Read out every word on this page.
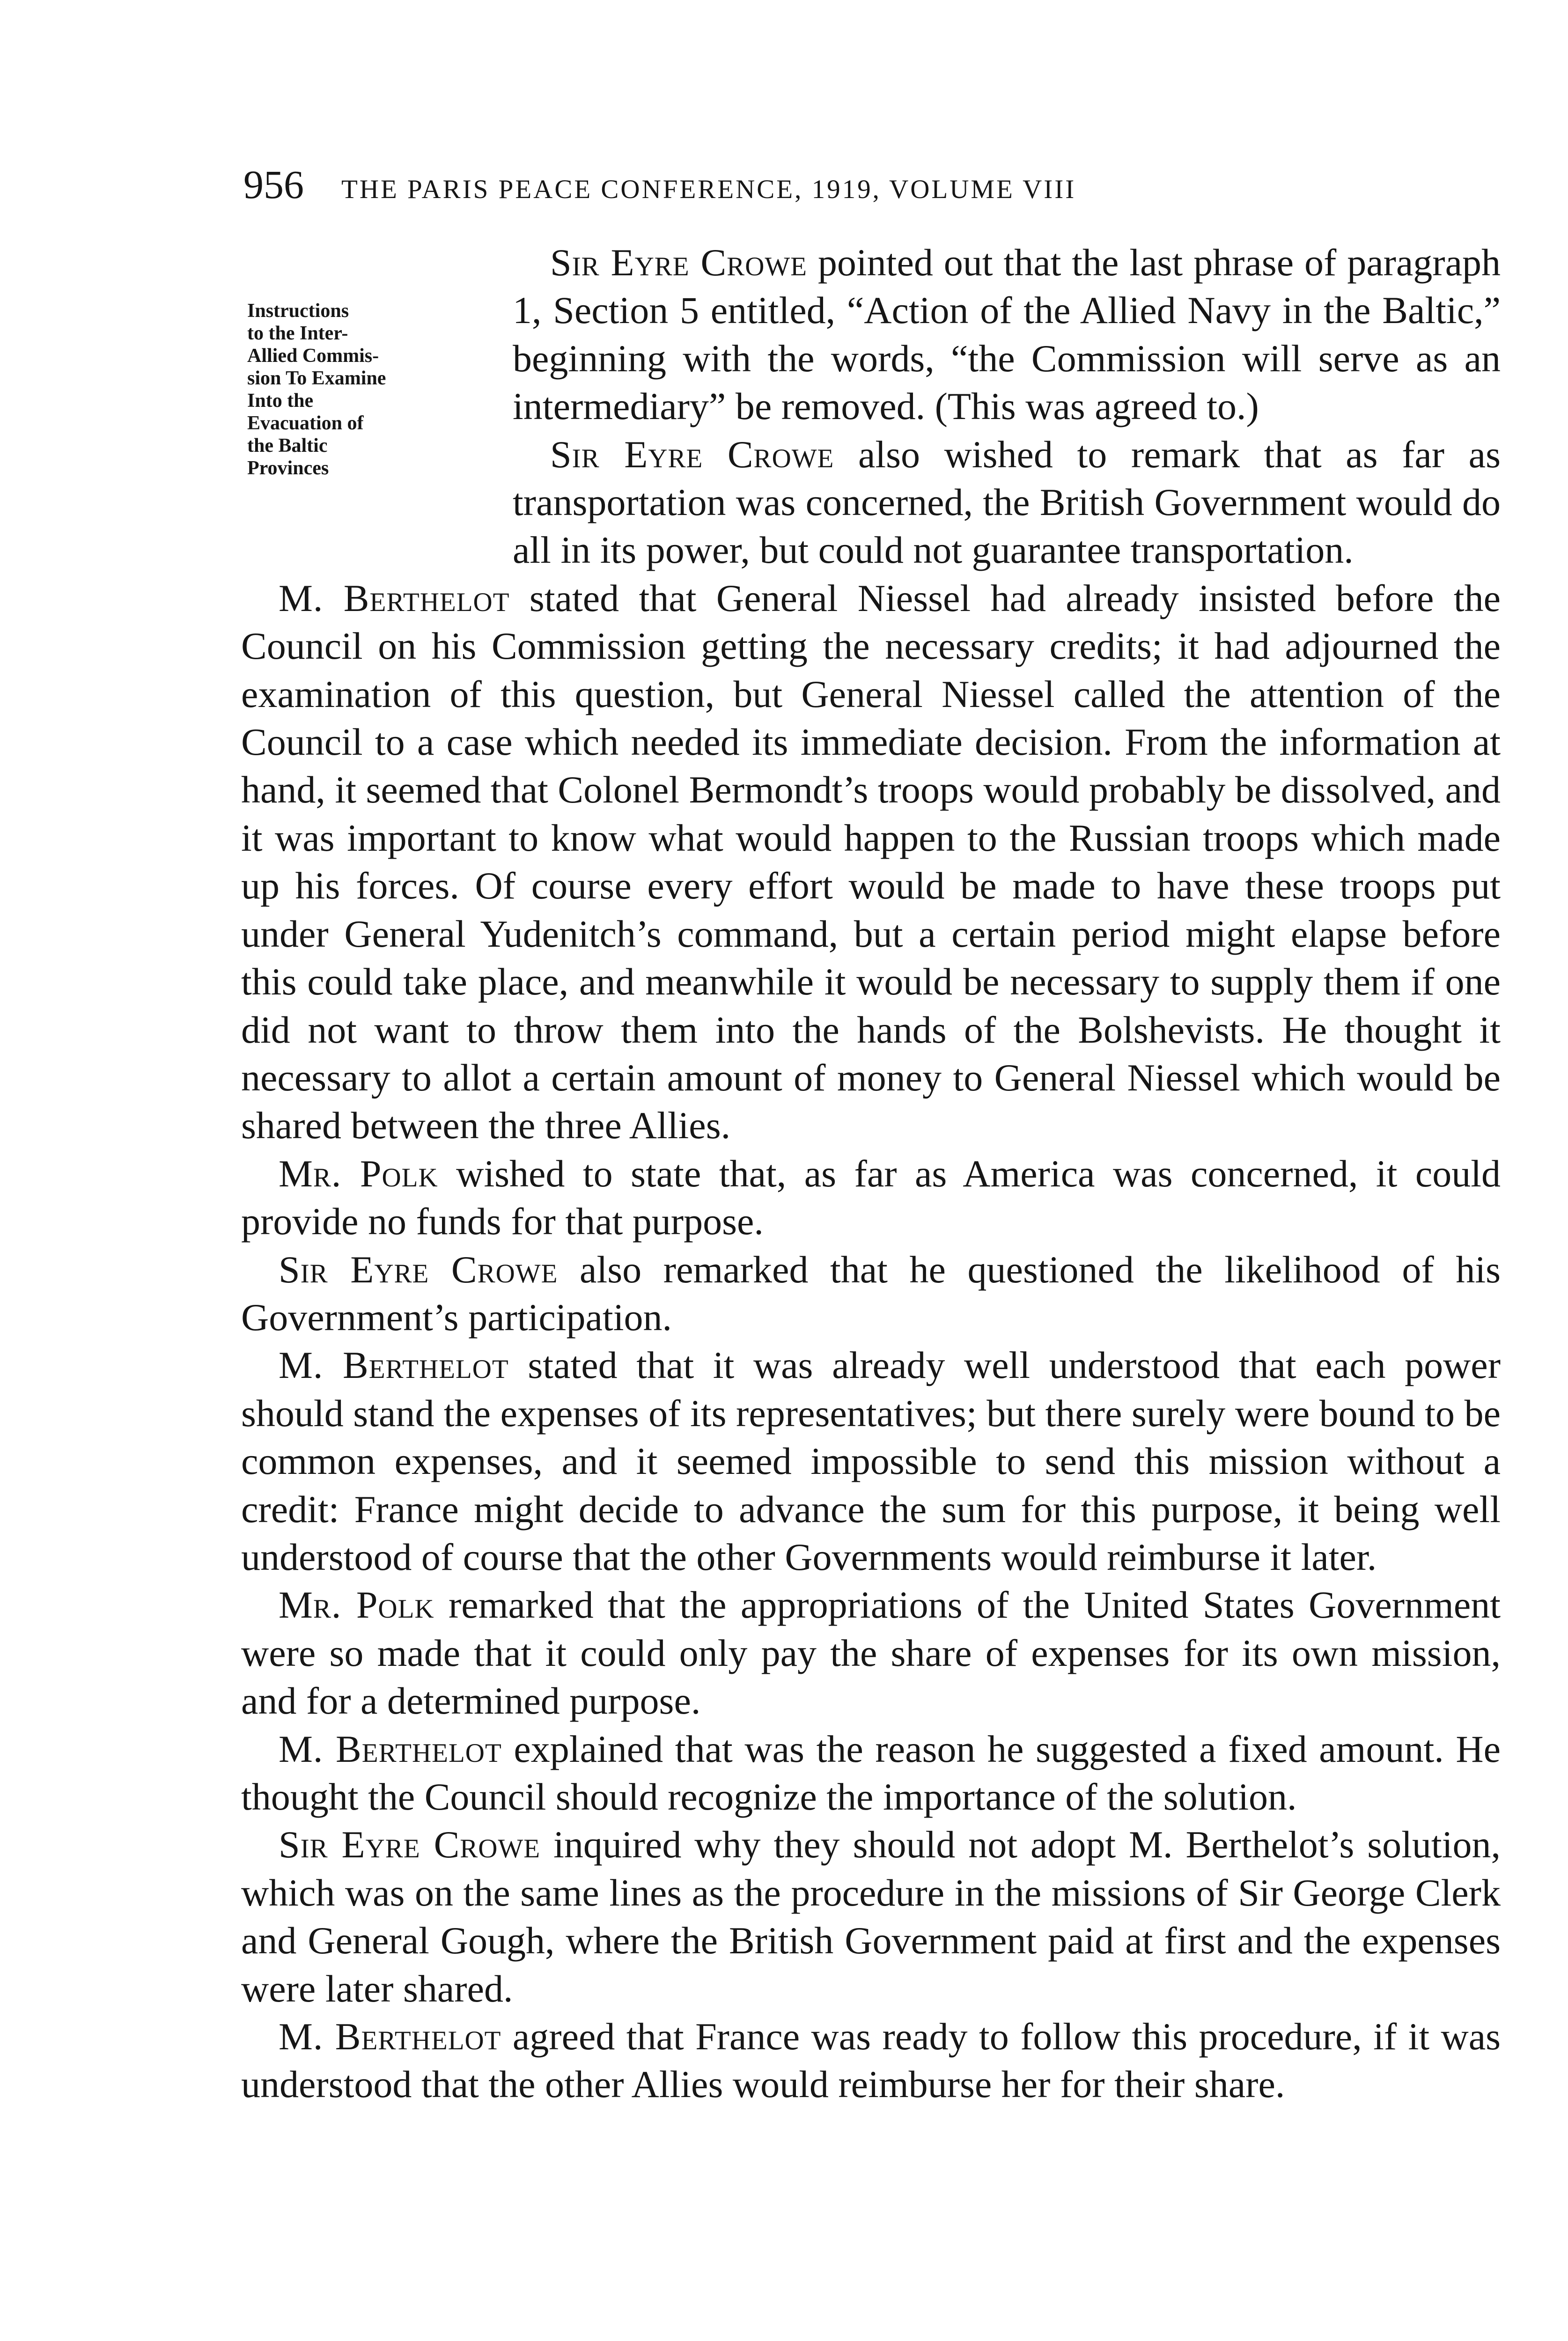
956 THE PARIS PEACE CONFERENCE, 1919, VOLUME VIII
Instructions
to the Inter-
Allied Commis-
sion To Examine
Into the
Evacuation of
the Baltic
Provinces

Sir Eyre Crowe pointed out that the last phrase of paragraph 1, Section 5 entitled, “Action of the Allied Navy in the Baltic,” beginning with the words, “the Commission will serve as an intermediary” be removed. (This was agreed to.)

Sir Eyre Crowe also wished to remark that as far as transportation was concerned, the British Government would do all in its power, but could not guarantee transportation.

M. Berthelot stated that General Niessel had already insisted before the Council on his Commission getting the necessary credits; it had adjourned the examination of this question, but General Niessel called the attention of the Council to a case which needed its immediate decision. From the information at hand, it seemed that Colonel Bermondt’s troops would probably be dissolved, and it was important to know what would happen to the Russian troops which made up his forces. Of course every effort would be made to have these troops put under General Yudenitch’s command, but a certain period might elapse before this could take place, and meanwhile it would be necessary to supply them if one did not want to throw them into the hands of the Bolshevists. He thought it necessary to allot a certain amount of money to General Niessel which would be shared between the three Allies.

Mr. Polk wished to state that, as far as America was concerned, it could provide no funds for that purpose.

Sir Eyre Crowe also remarked that he questioned the likelihood of his Government’s participation.

M. Berthelot stated that it was already well understood that each power should stand the expenses of its representatives; but there surely were bound to be common expenses, and it seemed impossible to send this mission without a credit: France might decide to advance the sum for this purpose, it being well understood of course that the other Governments would reimburse it later.

Mr. Polk remarked that the appropriations of the United States Government were so made that it could only pay the share of expenses for its own mission, and for a determined purpose.

M. Berthelot explained that was the reason he suggested a fixed amount. He thought the Council should recognize the importance of the solution.

Sir Eyre Crowe inquired why they should not adopt M. Berthelot’s solution, which was on the same lines as the procedure in the missions of Sir George Clerk and General Gough, where the British Government paid at first and the expenses were later shared.

M. Berthelot agreed that France was ready to follow this procedure, if it was understood that the other Allies would reimburse her for their share.
